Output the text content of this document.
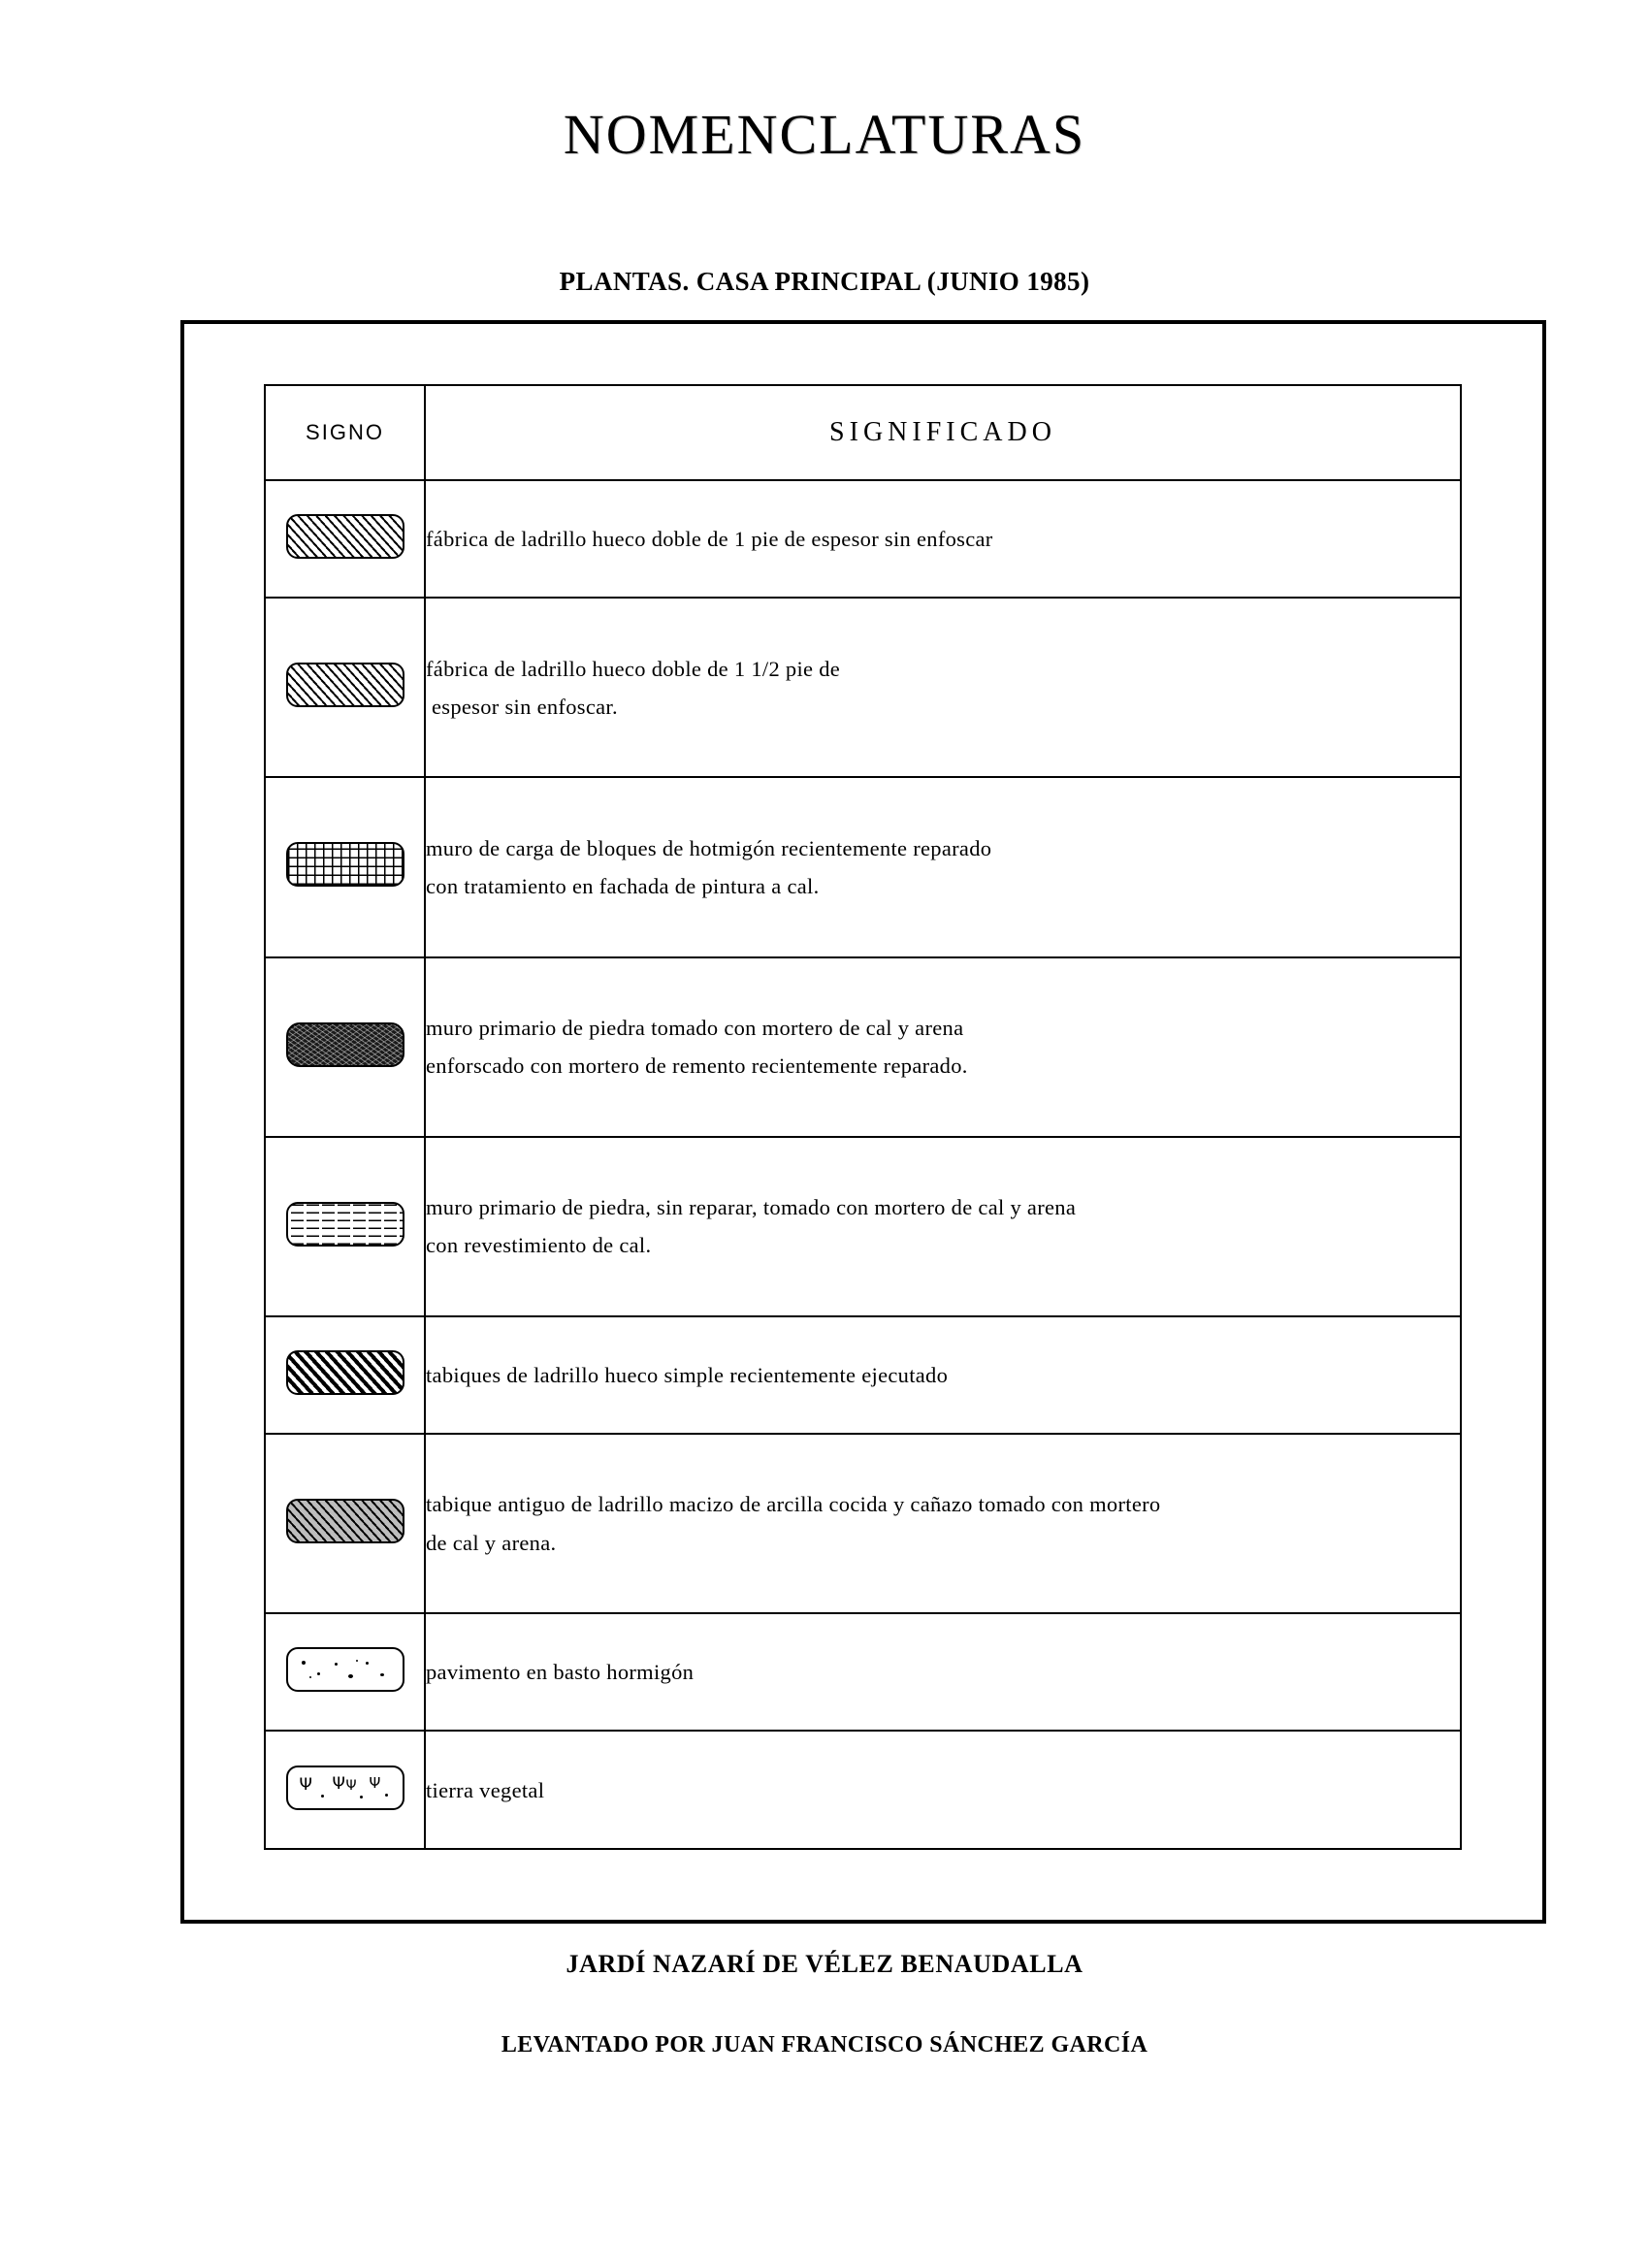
NOMENCLATURAS
PLANTAS. CASA PRINCIPAL (JUNIO 1985)
SIGNO	SIGNIFICADO

	fábrica de ladrillo hueco doble de 1 pie de espesor sin enfoscar

	fábrica de ladrillo hueco doble de 1 1/2 pie de
espesor sin enfoscar.

	muro de carga de bloques de hotmigón recientemente reparado
con tratamiento en fachada de pintura a cal.

	muro primario de piedra tomado con mortero de cal y arena
enforscado con mortero de remento recientemente reparado.

	muro primario de piedra, sin reparar, tomado con mortero de cal y arena
con revestimiento de cal.

	tabiques de ladrillo hueco simple recientemente ejecutado

	tabique antiguo de ladrillo macizo de arcilla cocida y cañazo tomado con mortero
de cal y arena.

	pavimento en basto hormigón

Ψ Ψ Ψ Ψ	tierra vegetal
JARDÍ NAZARÍ DE VÉLEZ BENAUDALLA
LEVANTADO POR JUAN FRANCISCO SÁNCHEZ GARCÍA
